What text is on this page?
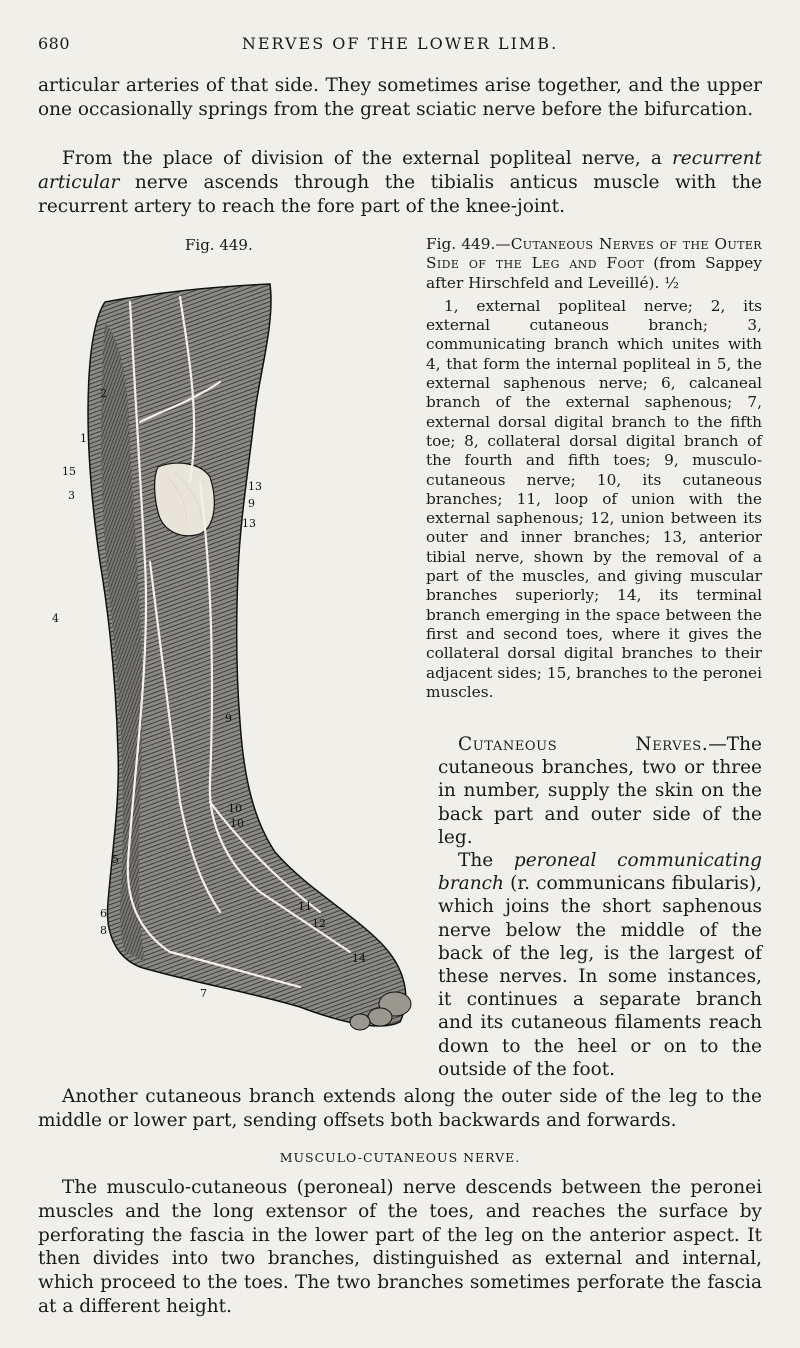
680	NERVES OF THE LOWER LIMB.

articular arteries of that side. They sometimes arise together, and the upper one occasionally springs from the great sciatic nerve before the bifurcation.

From the place of division of the external popliteal nerve, a recurrent articular nerve ascends through the tibialis anticus muscle with the recurrent artery to reach the fore part of the knee-joint.

Fig. 449.
2
1
15
3
13
9
13
4
9
10
10
5
6
8
11
12
14
7
Fig. 449.—Cutaneous Nerves of the Outer Side of the Leg and Foot (from Sappey after Hirschfeld and Leveillé). ½
1, external popliteal nerve; 2, its external cutaneous branch; 3, communicating branch which unites with 4, that form the internal popliteal in 5, the external saphenous nerve; 6, calcaneal branch of the external saphenous; 7, external dorsal digital branch to the fifth toe; 8, collateral dorsal digital branch of the fourth and fifth toes; 9, musculo-cutaneous nerve; 10, its cutaneous branches; 11, loop of union with the external saphenous; 12, union between its outer and inner branches; 13, anterior tibial nerve, shown by the removal of a part of the muscles, and giving muscular branches superiorly; 14, its terminal branch emerging in the space between the first and second toes, where it gives the collateral dorsal digital branches to their adjacent sides; 15, branches to the peronei muscles.

Cutaneous Nerves.—The cutaneous branches, two or three in number, supply the skin on the back part and outer side of the leg.

The peroneal communicating branch (r. communicans fibularis), which joins the short saphenous nerve below the middle of the back of the leg, is the largest of these nerves. In some instances, it continues a separate branch and its cutaneous filaments reach down to the heel or on to the outside of the foot.

Another cutaneous branch extends along the outer side of the leg to the middle or lower part, sending offsets both backwards and forwards.

MUSCULO-CUTANEOUS NERVE.

The musculo-cutaneous (peroneal) nerve descends between the peronei muscles and the long extensor of the toes, and reaches the surface by perforating the fascia in the lower part of the leg on the anterior aspect. It then divides into two branches, distinguished as external and internal, which proceed to the toes. The two branches sometimes perforate the fascia at a different height.
